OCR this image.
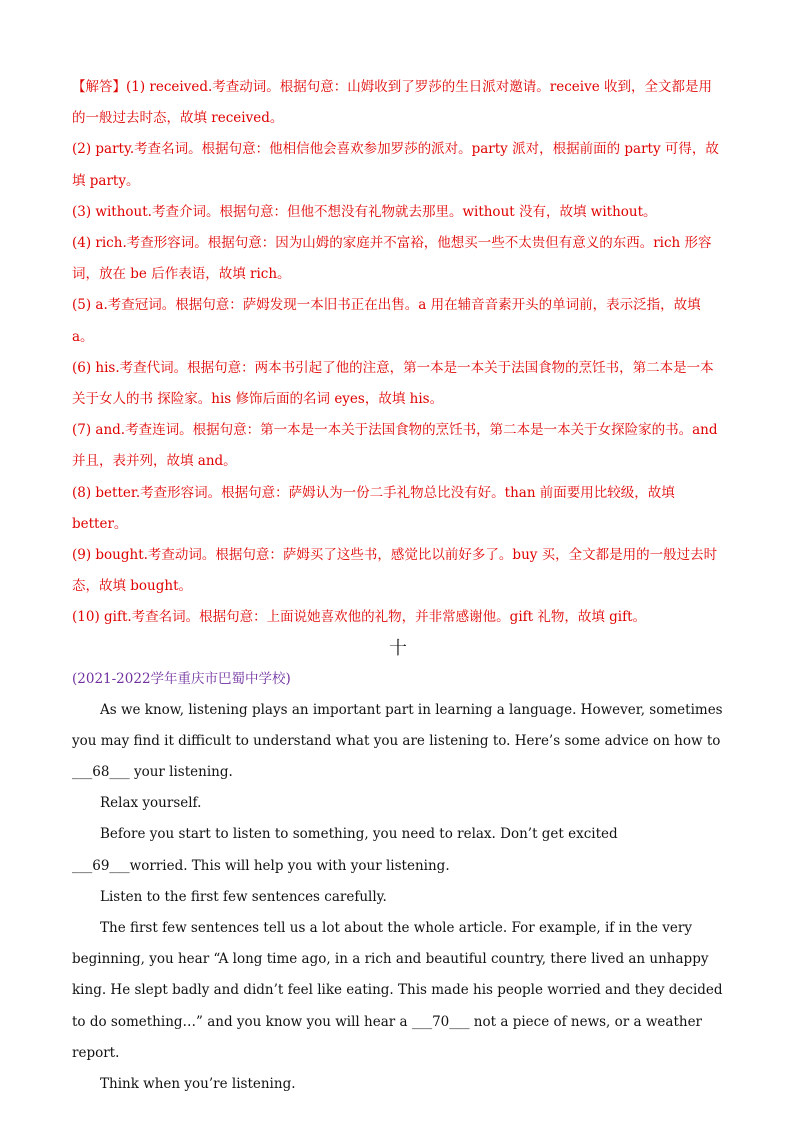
【解答】(1) received.考查动词。根据句意：山姆收到了罗莎的生日派对邀请。receive 收到，全文都是用的一般过去时态，故填 received。

(2) party.考查名词。根据句意：他相信他会喜欢参加罗莎的派对。party 派对，根据前面的 party 可得，故填 party。

(3) without.考查介词。根据句意：但他不想没有礼物就去那里。without 没有，故填 without。

(4) rich.考查形容词。根据句意：因为山姆的家庭并不富裕，他想买一些不太贵但有意义的东西。rich 形容词，放在 be 后作表语，故填 rich。

(5) a.考查冠词。根据句意：萨姆发现一本旧书正在出售。a 用在辅音音素开头的单词前，表示泛指，故填 a。

(6) his.考查代词。根据句意：两本书引起了他的注意，第一本是一本关于法国食物的烹饪书，第二本是一本关于女人的书 探险家。his 修饰后面的名词 eyes，故填 his。

(7) and.考查连词。根据句意：第一本是一本关于法国食物的烹饪书，第二本是一本关于女探险家的书。and 并且，表并列，故填 and。

(8) better.考查形容词。根据句意：萨姆认为一份二手礼物总比没有好。than 前面要用比较级，故填 better。

(9) bought.考查动词。根据句意：萨姆买了这些书，感觉比以前好多了。buy 买，全文都是用的一般过去时态，故填 bought。

(10) gift.考查名词。根据句意：上面说她喜欢他的礼物，并非常感谢他。gift 礼物，故填 gift。

十

(2021-2022学年重庆市巴蜀中学校)

As we know, listening plays an important part in learning a language. However, sometimes you may find it difficult to understand what you are listening to. Here’s some advice on how to ___68___ your listening.

Relax yourself.

Before you start to listen to something, you need to relax. Don’t get excited ___69___worried. This will help you with your listening.

Listen to the first few sentences carefully.

The first few sentences tell us a lot about the whole article. For example, if in the very beginning, you hear “A long time ago, in a rich and beautiful country, there lived an unhappy king. He slept badly and didn’t feel like eating. This made his people worried and they decided to do something…” and you know you will hear a ___70___ not a piece of news, or a weather report.

Think when you’re listening.
